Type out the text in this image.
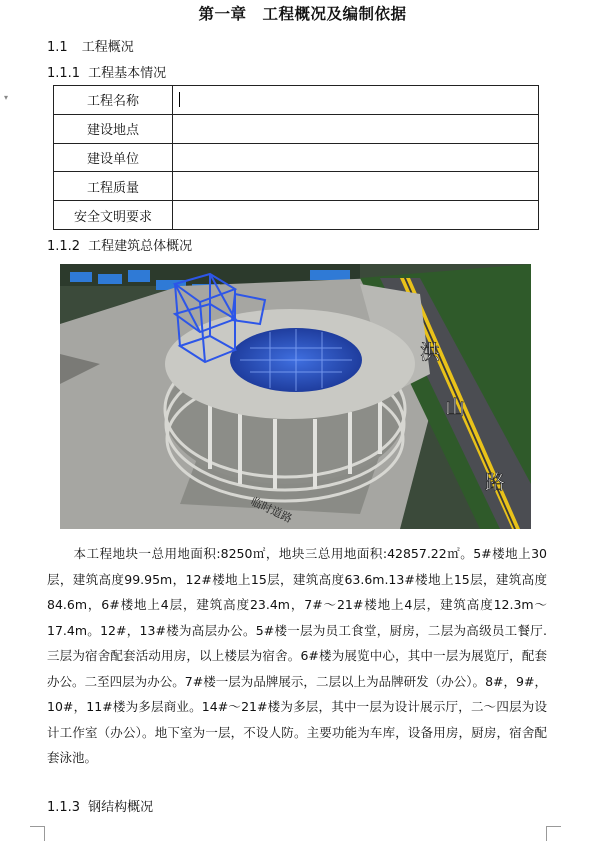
第一章　工程概况及编制依据
1.1 工程概况
1.1.1 工程基本情况
▾	工程名称	

建设地点	
建设单位	
工程质量	
安全文明要求	
1.1.2 工程建筑总体概况
临时道路
洪山路

本工程地块一总用地面积:8250㎡，地块三总用地面积:42857.22㎡。5#楼地上30层，建筑高度99.95m，12#楼地上15层，建筑高度63.6m.13#楼地上15层，建筑高度84.6m，6#楼地上4层，建筑高度23.4m，7#～21#楼地上4层，建筑高度12.3m～17.4m。12#，13#楼为高层办公。5#楼一层为员工食堂，厨房，二层为高级员工餐厅.三层为宿舍配套活动用房，以上楼层为宿舍。6#楼为展览中心，其中一层为展览厅，配套办公。二至四层为办公。7#楼一层为品牌展示，二层以上为品牌研发（办公）。8#，9#，10#，11#楼为多层商业。14#～21#楼为多层，其中一层为设计展示厅，二～四层为设计工作室（办公）。地下室为一层，不设人防。主要功能为车库，设备用房，厨房，宿舍配套泳池。

1.1.3 钢结构概况
